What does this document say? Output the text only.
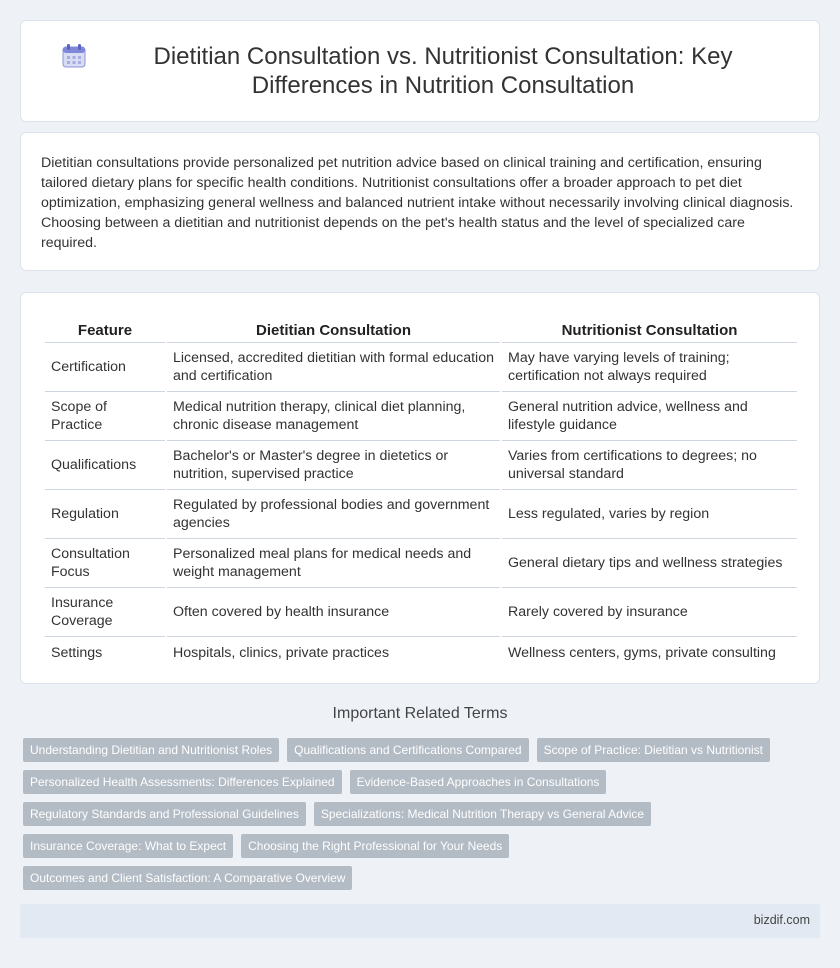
Dietitian Consultation vs. Nutritionist Consultation: Key Differences in Nutrition Consultation

Dietitian consultations provide personalized pet nutrition advice based on clinical training and certification, ensuring tailored dietary plans for specific health conditions. Nutritionist consultations offer a broader approach to pet diet optimization, emphasizing general wellness and balanced nutrient intake without necessarily involving clinical diagnosis. Choosing between a dietitian and nutritionist depends on the pet's health status and the level of specialized care required.

Feature	Dietitian Consultation	Nutritionist Consultation
Certification	Licensed, accredited dietitian with formal education and certification	May have varying levels of training; certification not always required
Scope of Practice	Medical nutrition therapy, clinical diet planning, chronic disease management	General nutrition advice, wellness and lifestyle guidance
Qualifications	Bachelor's or Master's degree in dietetics or nutrition, supervised practice	Varies from certifications to degrees; no universal standard
Regulation	Regulated by professional bodies and government agencies	Less regulated, varies by region
Consultation Focus	Personalized meal plans for medical needs and weight management	General dietary tips and wellness strategies
Insurance Coverage	Often covered by health insurance	Rarely covered by insurance
Settings	Hospitals, clinics, private practices	Wellness centers, gyms, private consulting
Important Related Terms
Understanding Dietitian and Nutritionist Roles	Qualifications and Certifications Compared	Scope of Practice: Dietitian vs Nutritionist
Personalized Health Assessments: Differences Explained	Evidence-Based Approaches in Consultations
Regulatory Standards and Professional Guidelines	Specializations: Medical Nutrition Therapy vs General Advice
Insurance Coverage: What to Expect	Choosing the Right Professional for Your Needs
Outcomes and Client Satisfaction: A Comparative Overview
bizdif.com
